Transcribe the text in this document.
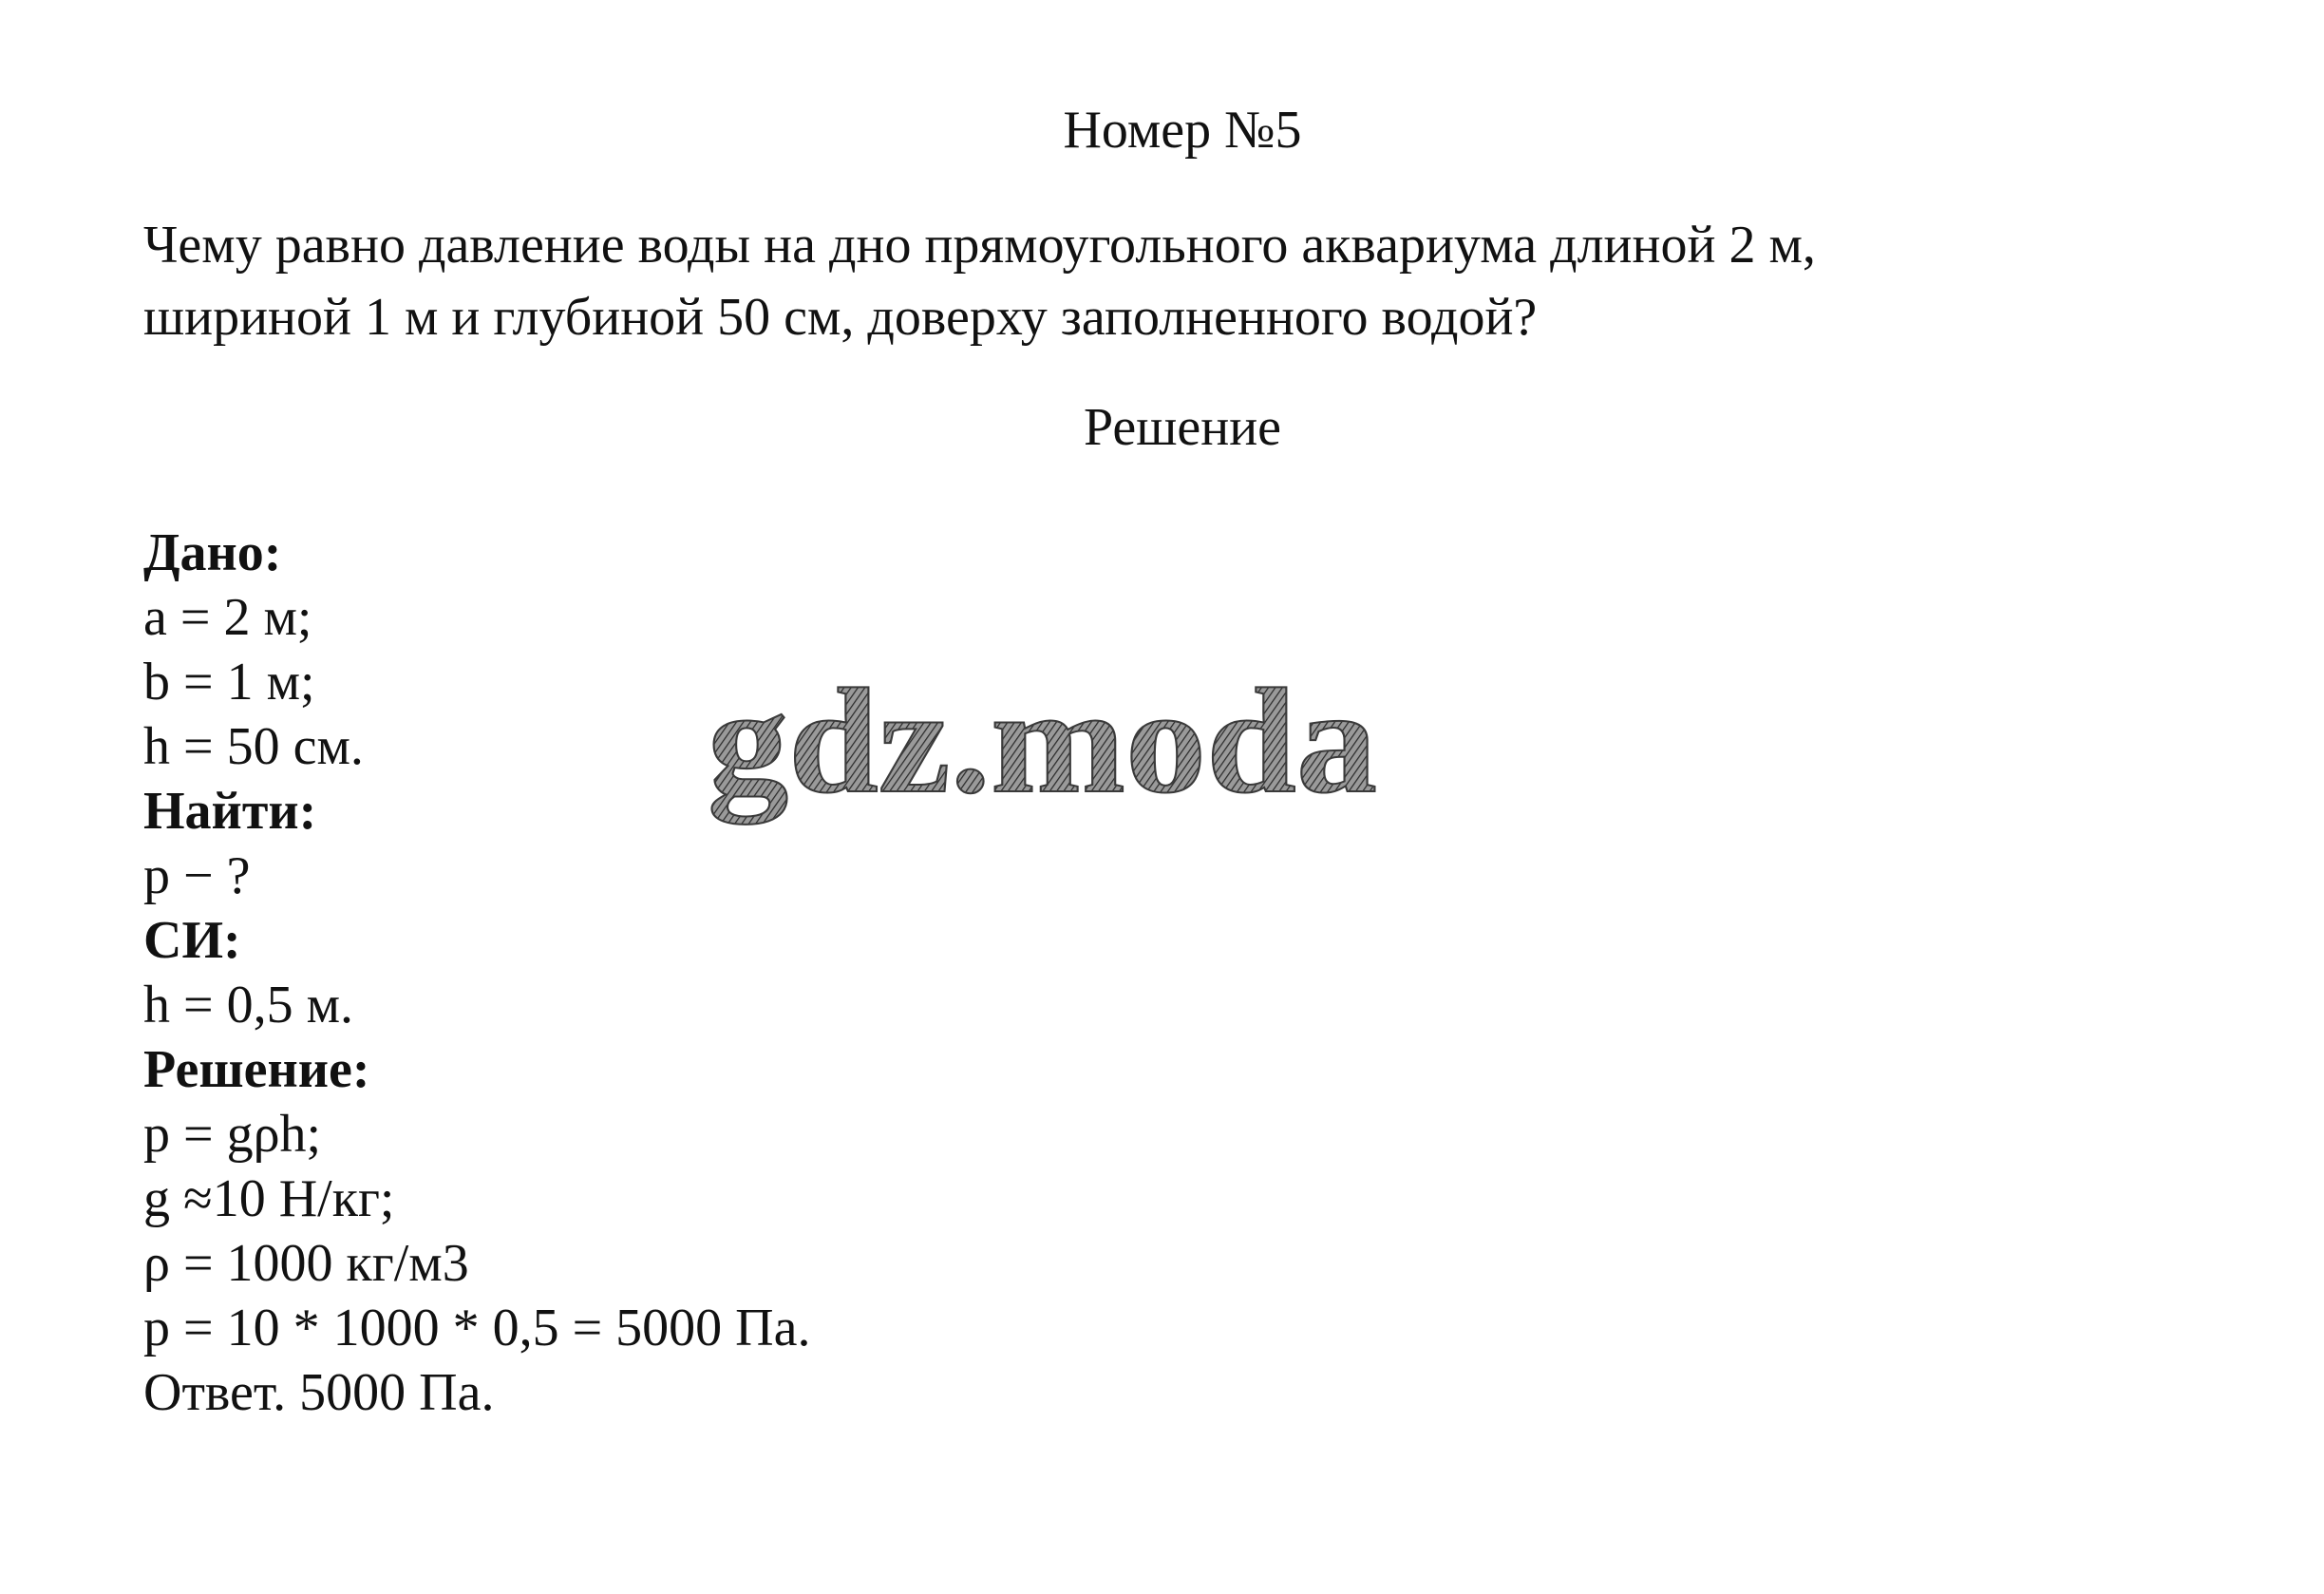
Номер №5
Чему равно давление воды на дно прямоугольного аквариума длиной 2 м,
шириной 1 м и глубиной 50 см, доверху заполненного водой?
Решение
Дано:
a = 2 м;
b = 1 м;
h = 50 см.
Найти:
p − ?
СИ:
h = 0,5 м.
Решение:
p = gρh;
g ≈10 Н/кг;
ρ = 1000 кг/м3
p = 10 * 1000 * 0,5 = 5000 Па.
Ответ. 5000 Па.
gdz.moda
